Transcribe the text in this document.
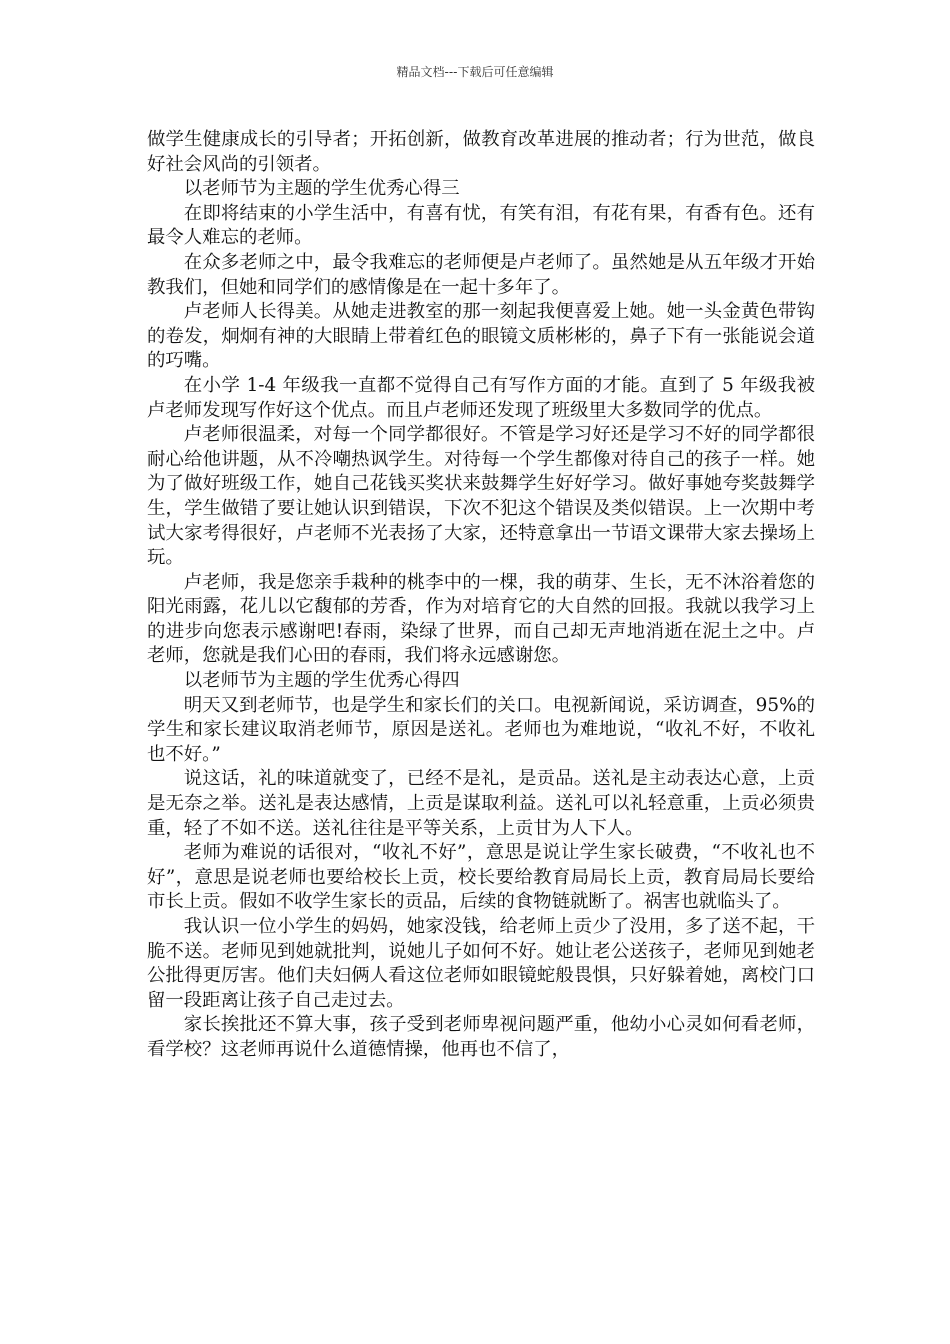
精品文档---下载后可任意编辑

做学生健康成长的引导者；开拓创新，做教育改革进展的推动者；行为世范，做良好社会风尚的引领者。

以老师节为主题的学生优秀心得三

在即将结束的小学生活中，有喜有忧，有笑有泪，有花有果，有香有色。还有最令人难忘的老师。

在众多老师之中，最令我难忘的老师便是卢老师了。虽然她是从五年级才开始教我们，但她和同学们的感情像是在一起十多年了。

卢老师人长得美。从她走进教室的那一刻起我便喜爱上她。她一头金黄色带钩的卷发，炯炯有神的大眼睛上带着红色的眼镜文质彬彬的，鼻子下有一张能说会道的巧嘴。

在小学 1-4 年级我一直都不觉得自己有写作方面的才能。直到了 5 年级我被卢老师发现写作好这个优点。而且卢老师还发现了班级里大多数同学的优点。

卢老师很温柔，对每一个同学都很好。不管是学习好还是学习不好的同学都很耐心给他讲题，从不冷嘲热讽学生。对待每一个学生都像对待自己的孩子一样。她为了做好班级工作，她自己花钱买奖状来鼓舞学生好好学习。做好事她夸奖鼓舞学生，学生做错了要让她认识到错误，下次不犯这个错误及类似错误。上一次期中考试大家考得很好，卢老师不光表扬了大家，还特意拿出一节语文课带大家去操场上玩。

卢老师，我是您亲手栽种的桃李中的一棵，我的萌芽、生长，无不沐浴着您的阳光雨露，花儿以它馥郁的芳香，作为对培育它的大自然的回报。我就以我学习上的进步向您表示感谢吧!春雨，染绿了世界，而自己却无声地消逝在泥土之中。卢老师，您就是我们心田的春雨，我们将永远感谢您。

以老师节为主题的学生优秀心得四

明天又到老师节，也是学生和家长们的关口。电视新闻说，采访调查，95%的学生和家长建议取消老师节，原因是送礼。老师也为难地说，“收礼不好，不收礼也不好。”

说这话，礼的味道就变了，已经不是礼，是贡品。送礼是主动表达心意，上贡是无奈之举。送礼是表达感情，上贡是谋取利益。送礼可以礼轻意重，上贡必须贵重，轻了不如不送。送礼往往是平等关系，上贡甘为人下人。

老师为难说的话很对，“收礼不好”，意思是说让学生家长破费，“不收礼也不好”，意思是说老师也要给校长上贡，校长要给教育局局长上贡，教育局局长要给市长上贡。假如不收学生家长的贡品，后续的食物链就断了。祸害也就临头了。

我认识一位小学生的妈妈，她家没钱，给老师上贡少了没用，多了送不起，干脆不送。老师见到她就批判，说她儿子如何不好。她让老公送孩子，老师见到她老公批得更厉害。他们夫妇俩人看这位老师如眼镜蛇般畏惧，只好躲着她，离校门口留一段距离让孩子自己走过去。

家长挨批还不算大事，孩子受到老师卑视问题严重，他幼小心灵如何看老师，看学校？这老师再说什么道德情操，他再也不信了，
